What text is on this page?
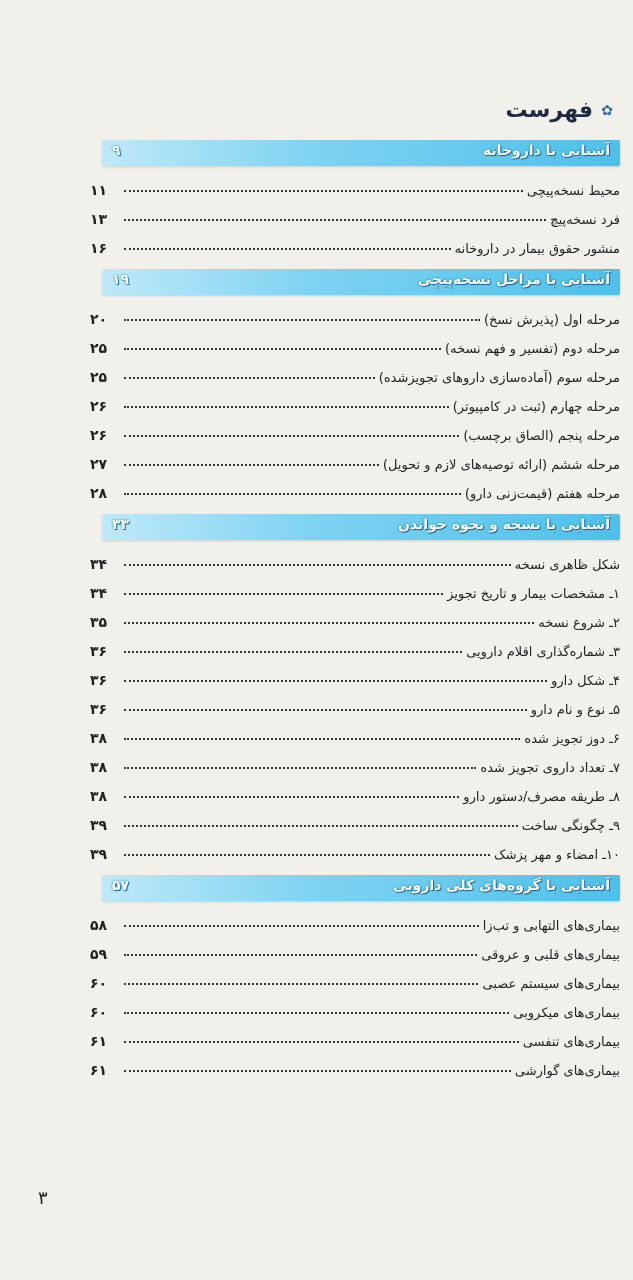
✿
فهرست
آشنایی با داروخانه
۹
محیط نسخه‌پیچی
۱۱
فرد نسخه‌پیچ
۱۳
منشور حقوق بیمار در داروخانه
۱۶
آشنایی با مراحل نسخه‌پیچی
۱۹
مرحله اول (پذیرش نسخ)
۲۰
مرحله دوم (تفسیر و فهم نسخه)
۲۵
مرحله سوم (آماده‌سازی داروهای تجویزشده)
۲۵
مرحله چهارم (ثبت در کامپیوتر)
۲۶
مرحله پنجم (الصاق برچسب)
۲۶
مرحله ششم (ارائه توصیه‌های لازم و تحویل)
۲۷
مرحله هفتم (قیمت‌زنی دارو)
۲۸
آشنایی با نسخه و نحوه خواندن
۳۳
شکل ظاهری نسخه
۳۴
۱ـ مشخصات بیمار و تاریخ تجویز
۳۴
۲ـ شروع نسخه
۳۵
۳ـ شماره‌گذاری اقلام دارویی
۳۶
۴ـ شکل دارو
۳۶
۵ـ نوع و نام دارو
۳۶
۶ـ دوز تجویز شده
۳۸
۷ـ تعداد داروی تجویز شده
۳۸
۸ـ طریقه مصرف/دستور دارو
۳۸
۹ـ چگونگی ساخت
۳۹
۱۰ـ امضاء و مهر پزشک
۳۹
آشنایی با گروه‌های کلی دارویی
۵۷
بیماری‌های التهابی و تب‌زا
۵۸
بیماری‌های قلبی و عروقی
۵۹
بیماری‌های سیستم عصبی
۶۰
بیماری‌های میکروبی
۶۰
بیماری‌های تنفسی
۶۱
بیماری‌های گوارشی
۶۱
۳
